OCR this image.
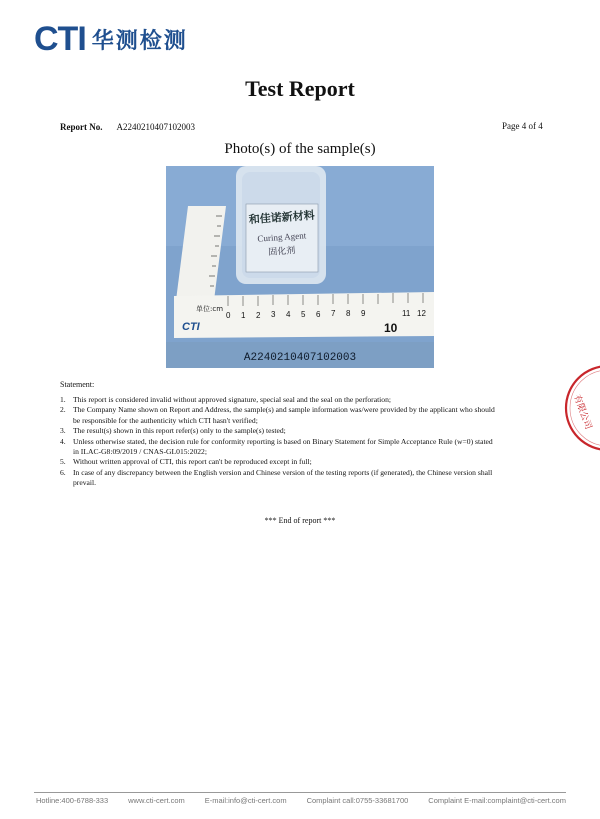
CTI 华测检测
Test Report
Report No. A2240210407102003	Page 4 of 4
Photo(s) of the sample(s)
和佳诺新材料
Curing Agent
固化剂
单位:cm
CTI
0 1 2 3 4 5 6 7 8 9
10
11 12
A2240210407102003
Statement:
1. This report is considered invalid without approved signature, special seal and the seal on the perforation;
2. The Company Name shown on Report and Address, the sample(s) and sample information was/were provided by the applicant who should be responsible for the authenticity which CTI hasn't verified;
3. The result(s) shown in this report refer(s) only to the sample(s) tested;
4. Unless otherwise stated, the decision rule for conformity reporting is based on Binary Statement for Simple Acceptance Rule (w=0) stated in ILAC-G8:09/2019 / CNAS-GL015:2022;
5. Without written approval of CTI, this report can't be reproduced except in full;
6. In case of any discrepancy between the English version and Chinese version of the testing reports (if generated), the Chinese version shall prevail.
*** End of report ***
有限公司
Hotline:400-6788-333	www.cti-cert.com	E-mail:info@cti-cert.com	Complaint call:0755-33681700	Complaint E-mail:complaint@cti-cert.com
